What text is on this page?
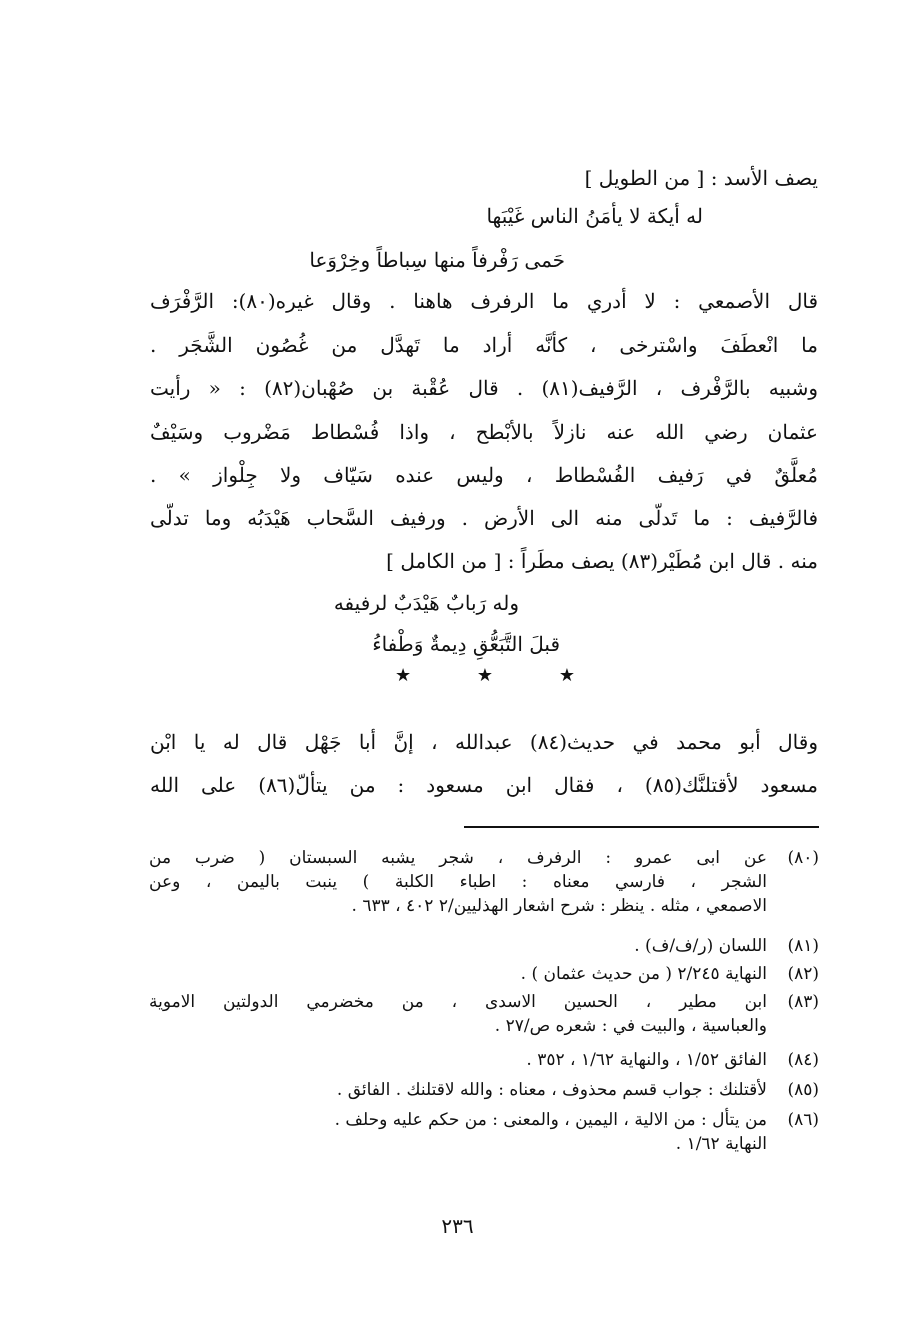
يصف الأسد : [ من الطويل ]
له أيكة لا يأمَنُ الناس غَيْبَها
حَمى رَفْرفاً منها سِباطاً وخِرْوَعا
قال الأصمعي : لا أدري ما الرفرف هاهنا . وقال غيره(٨٠): الرَّفْرَف
ما انْعطَفَ واسْترخى ، كأنَّه أراد ما تَهدَّل من غُصُون الشَّجَر .
وشبيه بالرَّفْرف ، الرَّفيف(٨١) . قال عُقْبة بن صُهْبان(٨٢) : « رأيت
عثمان رضي الله عنه نازلاً بالأبْطح ، واذا فُسْطاط مَضْروب وسَيْفٌ
مُعلَّقٌ في رَفيف الفُسْطاط ، وليس عنده سَيّاف ولا جِلْواز » .
فالرَّفيف : ما تَدلّى منه الى الأرض . ورفيف السَّحاب هَيْدَبُه وما تدلّى
منه . قال ابن مُطَيْر(٨٣) يصف مطَراً : [ من الكامل ]
وله رَبابٌ هَيْدَبٌ لرفيفه
قبلَ التَّبَعُّقِ دِيمةٌ وَطْفاءُ
★	★	★
وقال أبو محمد في حديث(٨٤) عبدالله ، إنَّ أبا جَهْل قال له يا ابْن
مسعود لأقتلنَّك(٨٥) ، فقال ابن مسعود : من يتألّ(٨٦) على الله
(٨٠)
عن ابى عمرو : الرفرف ، شجر يشبه السبستان ( ضرب من
الشجر ، فارسي معناه : اطباء الكلبة ) ينبت باليمن ، وعن
الاصمعي ، مثله . ينظر : شرح اشعار الهذليين/٢ ٤٠٢ ، ٦٣٣ .
(٨١)
اللسان (ر/ف/ف) .
(٨٢)
النهاية ٢/٢٤٥ ( من حديث عثمان ) .
(٨٣)
ابن مطير ، الحسين الاسدى ، من مخضرمي الدولتين الاموية
والعباسية ، والبيت في : شعره ص/٢٧ .
(٨٤)
الفائق ١/٥٢ ، والنهاية ١/٦٢ ، ٣٥٢ .
(٨٥)
لأقتلنك : جواب قسم محذوف ، معناه : والله لاقتلنك . الفائق .
(٨٦)
من يتأل : من الالية ، اليمين ، والمعنى : من حكم عليه وحلف .
النهاية ١/٦٢ .
٢٣٦
